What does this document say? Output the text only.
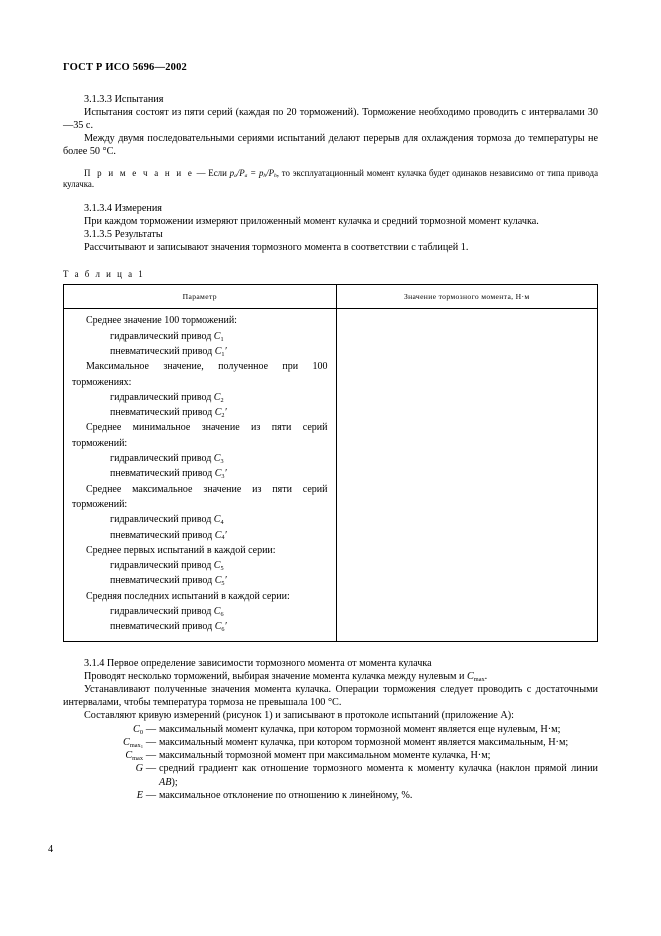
ГОСТ Р ИСО 5696—2002

3.1.3.3 Испытания

Испытания состоят из пяти серий (каждая по 20 торможений). Торможение необходимо проводить с интервалами 30—35 с.

Между двумя последовательными сериями испытаний делают перерыв для охлаждения тормоза до температуры не более 50 °С.

П р и м е ч а н и е — Если $p_a/P_a = p_h/P_h$, то эксплуатационный момент кулачка будет одинаков независимо от типа привода кулачка.

3.1.3.4 Измерения

При каждом торможении измеряют приложенный момент кулачка и средний тормозной момент кулачка.

3.1.3.5 Результаты

Рассчитывают и записывают значения тормозного момента в соответствии с таблицей 1.

Т а б л и ц а 1
Параметр	Значение тормозного момента, Н·м

Среднее значение 100 торможений:

гидравлический привод $C_1$

пневматический привод $C_1'$

Максимальное значение, полученное при 100 торможениях:

гидравлический привод $C_2$

пневматический привод $C_2'$

Среднее минимальное значение из пяти серий торможений:

гидравлический привод $C_3$

пневматический привод $C_3'$

Среднее максимальное значение из пяти серий торможений:

гидравлический привод $C_4$

пневматический привод $C_4'$

Среднее первых испытаний в каждой серии:

гидравлический привод $C_5$

пневматический привод $C_5'$

Средняя последних испытаний в каждой серии:

гидравлический привод $C_6$

пневматический привод $C_6'$

3.1.4 Первое определение зависимости тормозного момента от момента кулачка

Проводят несколько торможений, выбирая значение момента кулачка между нулевым и $C_{max}$.

Устанавливают полученные значения момента кулачка. Операции торможения следует проводить с достаточными интервалами, чтобы температура тормоза не превышала 100 °С.

Составляют кривую измерений (рисунок 1) и записывают в протоколе испытаний (приложение А):

$C_0$ — максимальный момент кулачка, при котором тормозной момент является еще нулевым, Н·м;
$C_{max_1}$ — максимальный момент кулачка, при котором тормозной момент является максимальным, Н·м;
$C_{max}$ — максимальный тормозной момент при максимальном моменте кулачка, Н·м;
G — средний градиент как отношение тормозного момента к моменту кулачка (наклон прямой линии AB);
E — максимальное отклонение по отношению к линейному, %.
4
